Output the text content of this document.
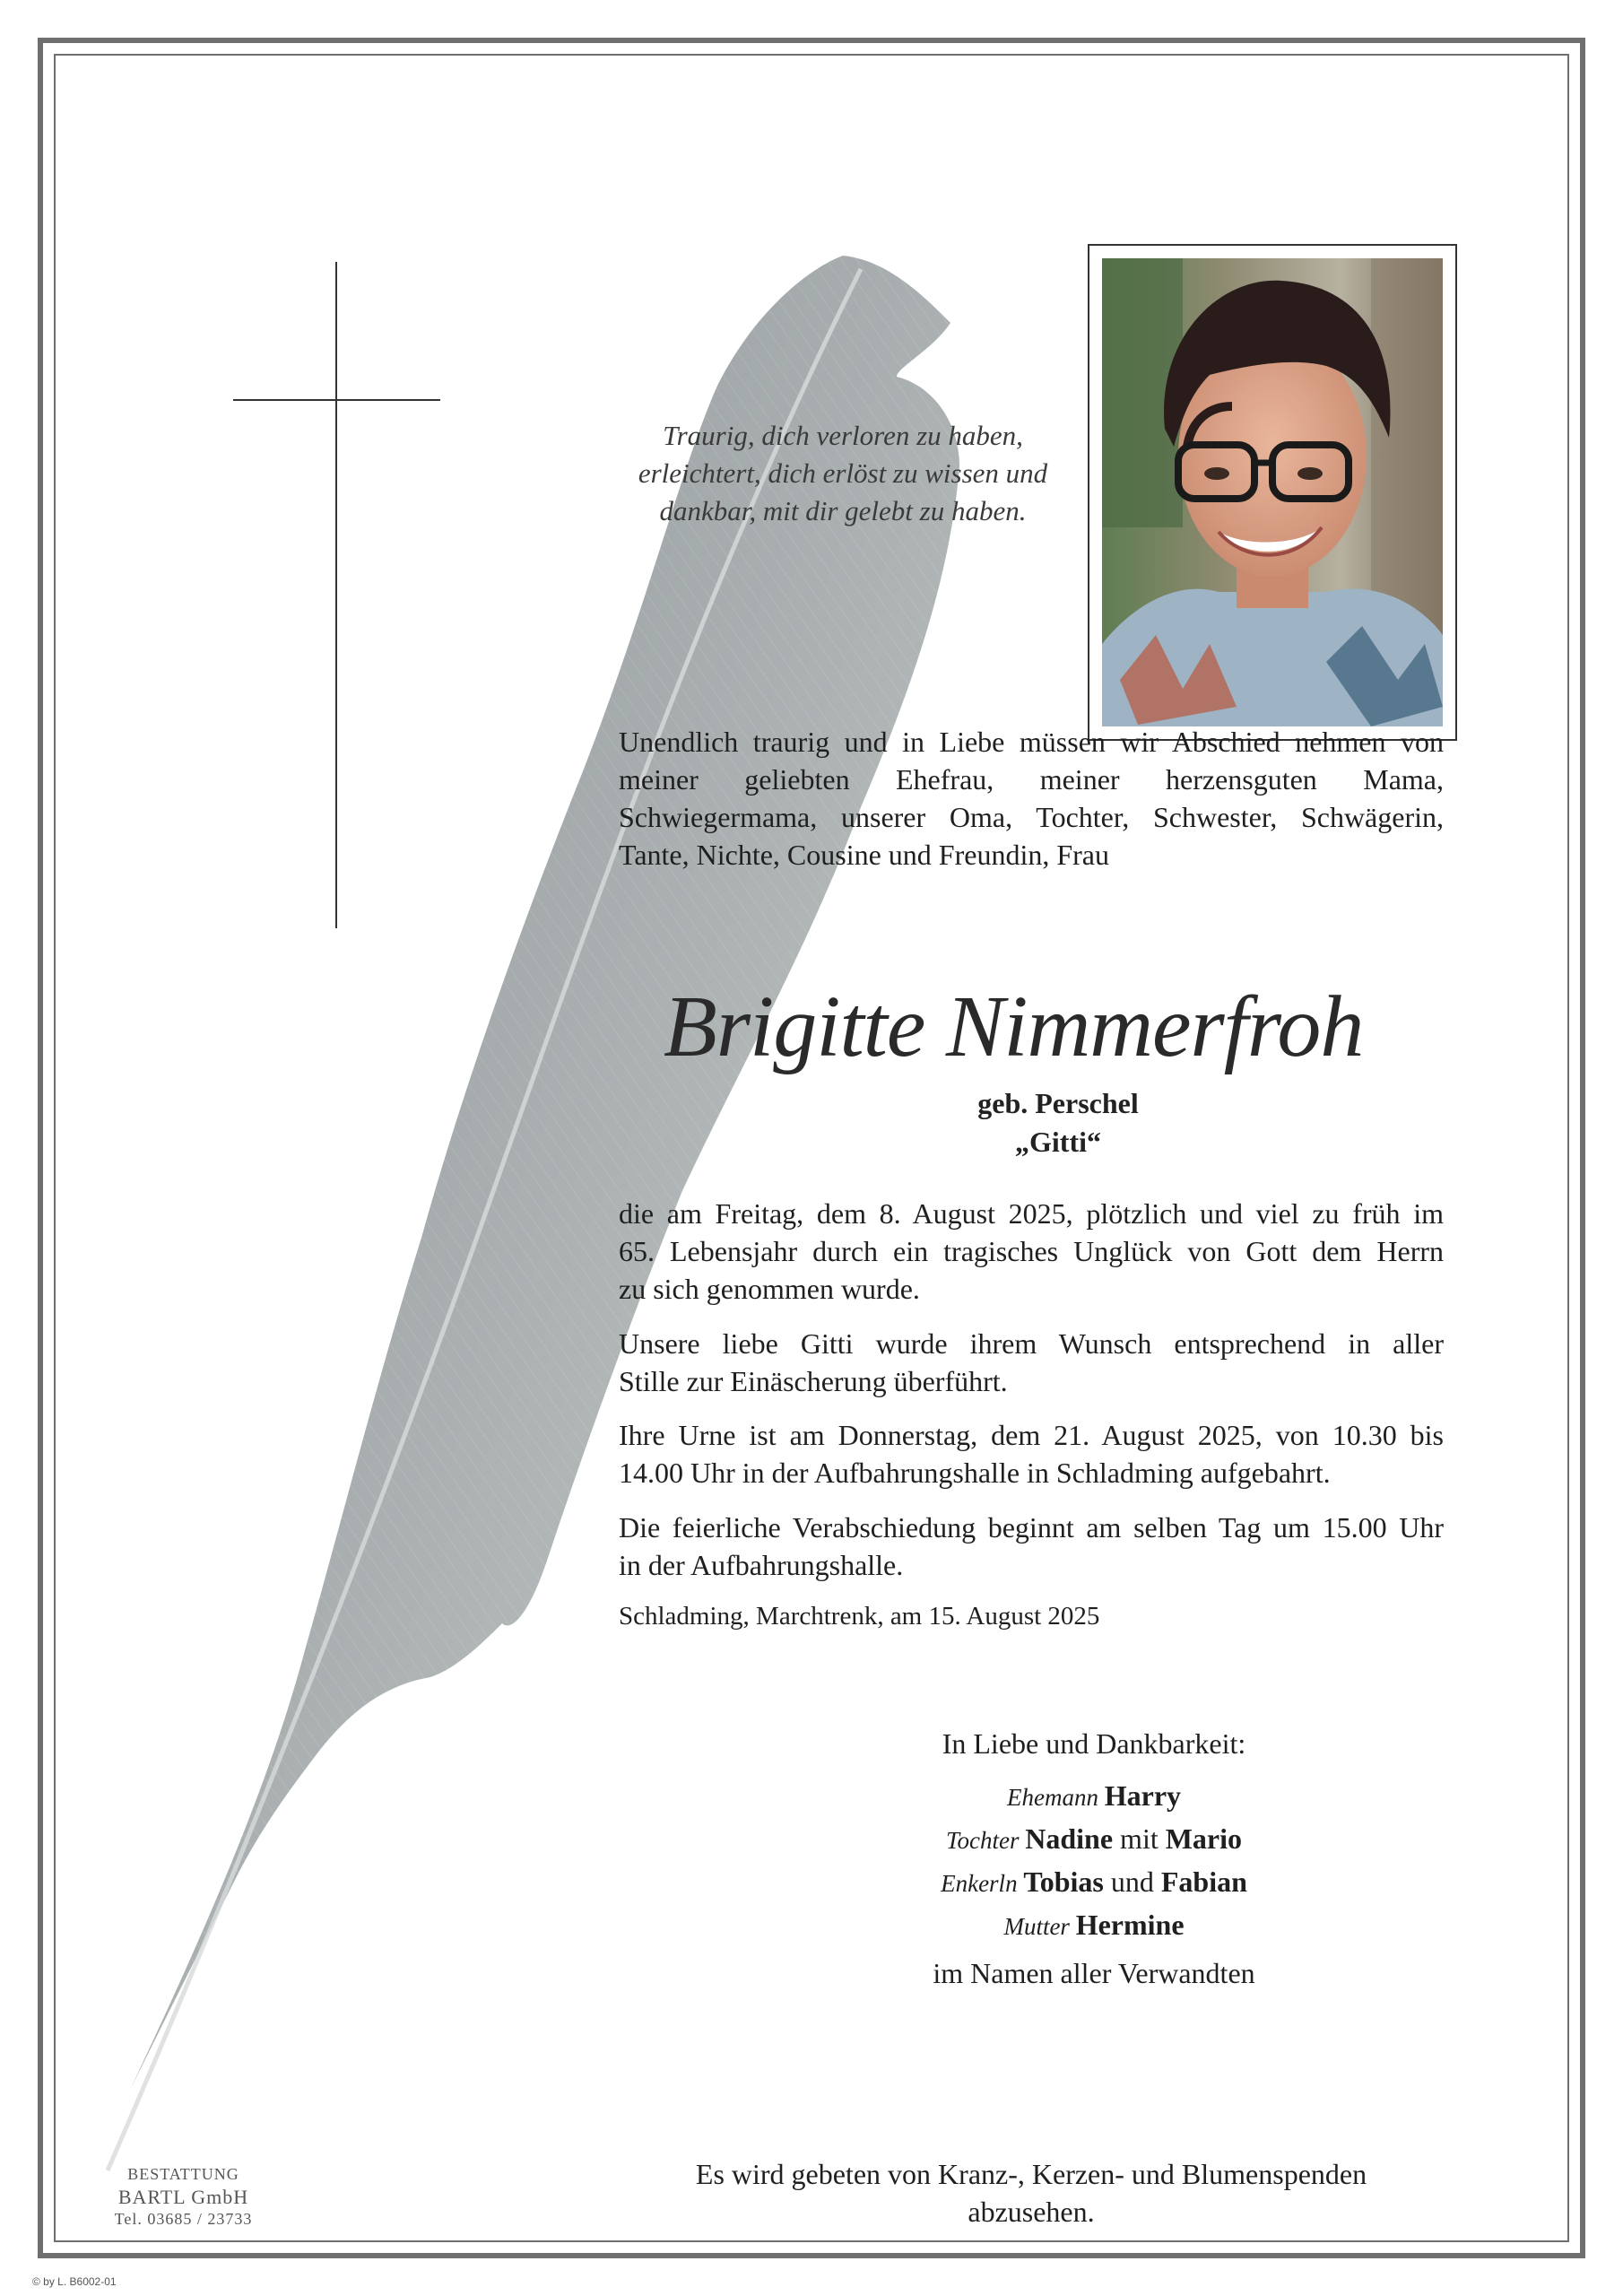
Traurig, dich verloren zu haben,
erleichtert, dich erlöst zu wissen und
dankbar, mit dir gelebt zu haben.
Unendlich traurig und in Liebe müssen wir Abschied nehmen von
meiner geliebten Ehefrau, meiner herzensguten Mama,
Schwiegermama, unserer Oma, Tochter, Schwester, Schwägerin,
Tante, Nichte, Cousine und Freundin, Frau
Brigitte Nimmerfroh
geb. Perschel
„Gitti“
die am Freitag, dem 8. August 2025, plötzlich und viel zu früh im
65. Lebensjahr durch ein tragisches Unglück von Gott dem Herrn
zu sich genommen wurde.
Unsere liebe Gitti wurde ihrem Wunsch entsprechend in aller
Stille zur Einäscherung überführt.
Ihre Urne ist am Donnerstag, dem 21. August 2025, von 10.30 bis
14.00 Uhr in der Aufbahrungshalle in Schladming aufgebahrt.
Die feierliche Verabschiedung beginnt am selben Tag um 15.00 Uhr
in der Aufbahrungshalle.
Schladming, Marchtrenk, am 15. August 2025
In Liebe und Dankbarkeit:
Ehemann Harry
Tochter Nadine mit Mario
Enkerln Tobias und Fabian
Mutter Hermine
im Namen aller Verwandten
BESTATTUNG
BARTL GmbH
Tel. 03685 / 23733
Es wird gebeten von Kranz-, Kerzen- und Blumenspenden
abzusehen.
© by L. B6002-01
